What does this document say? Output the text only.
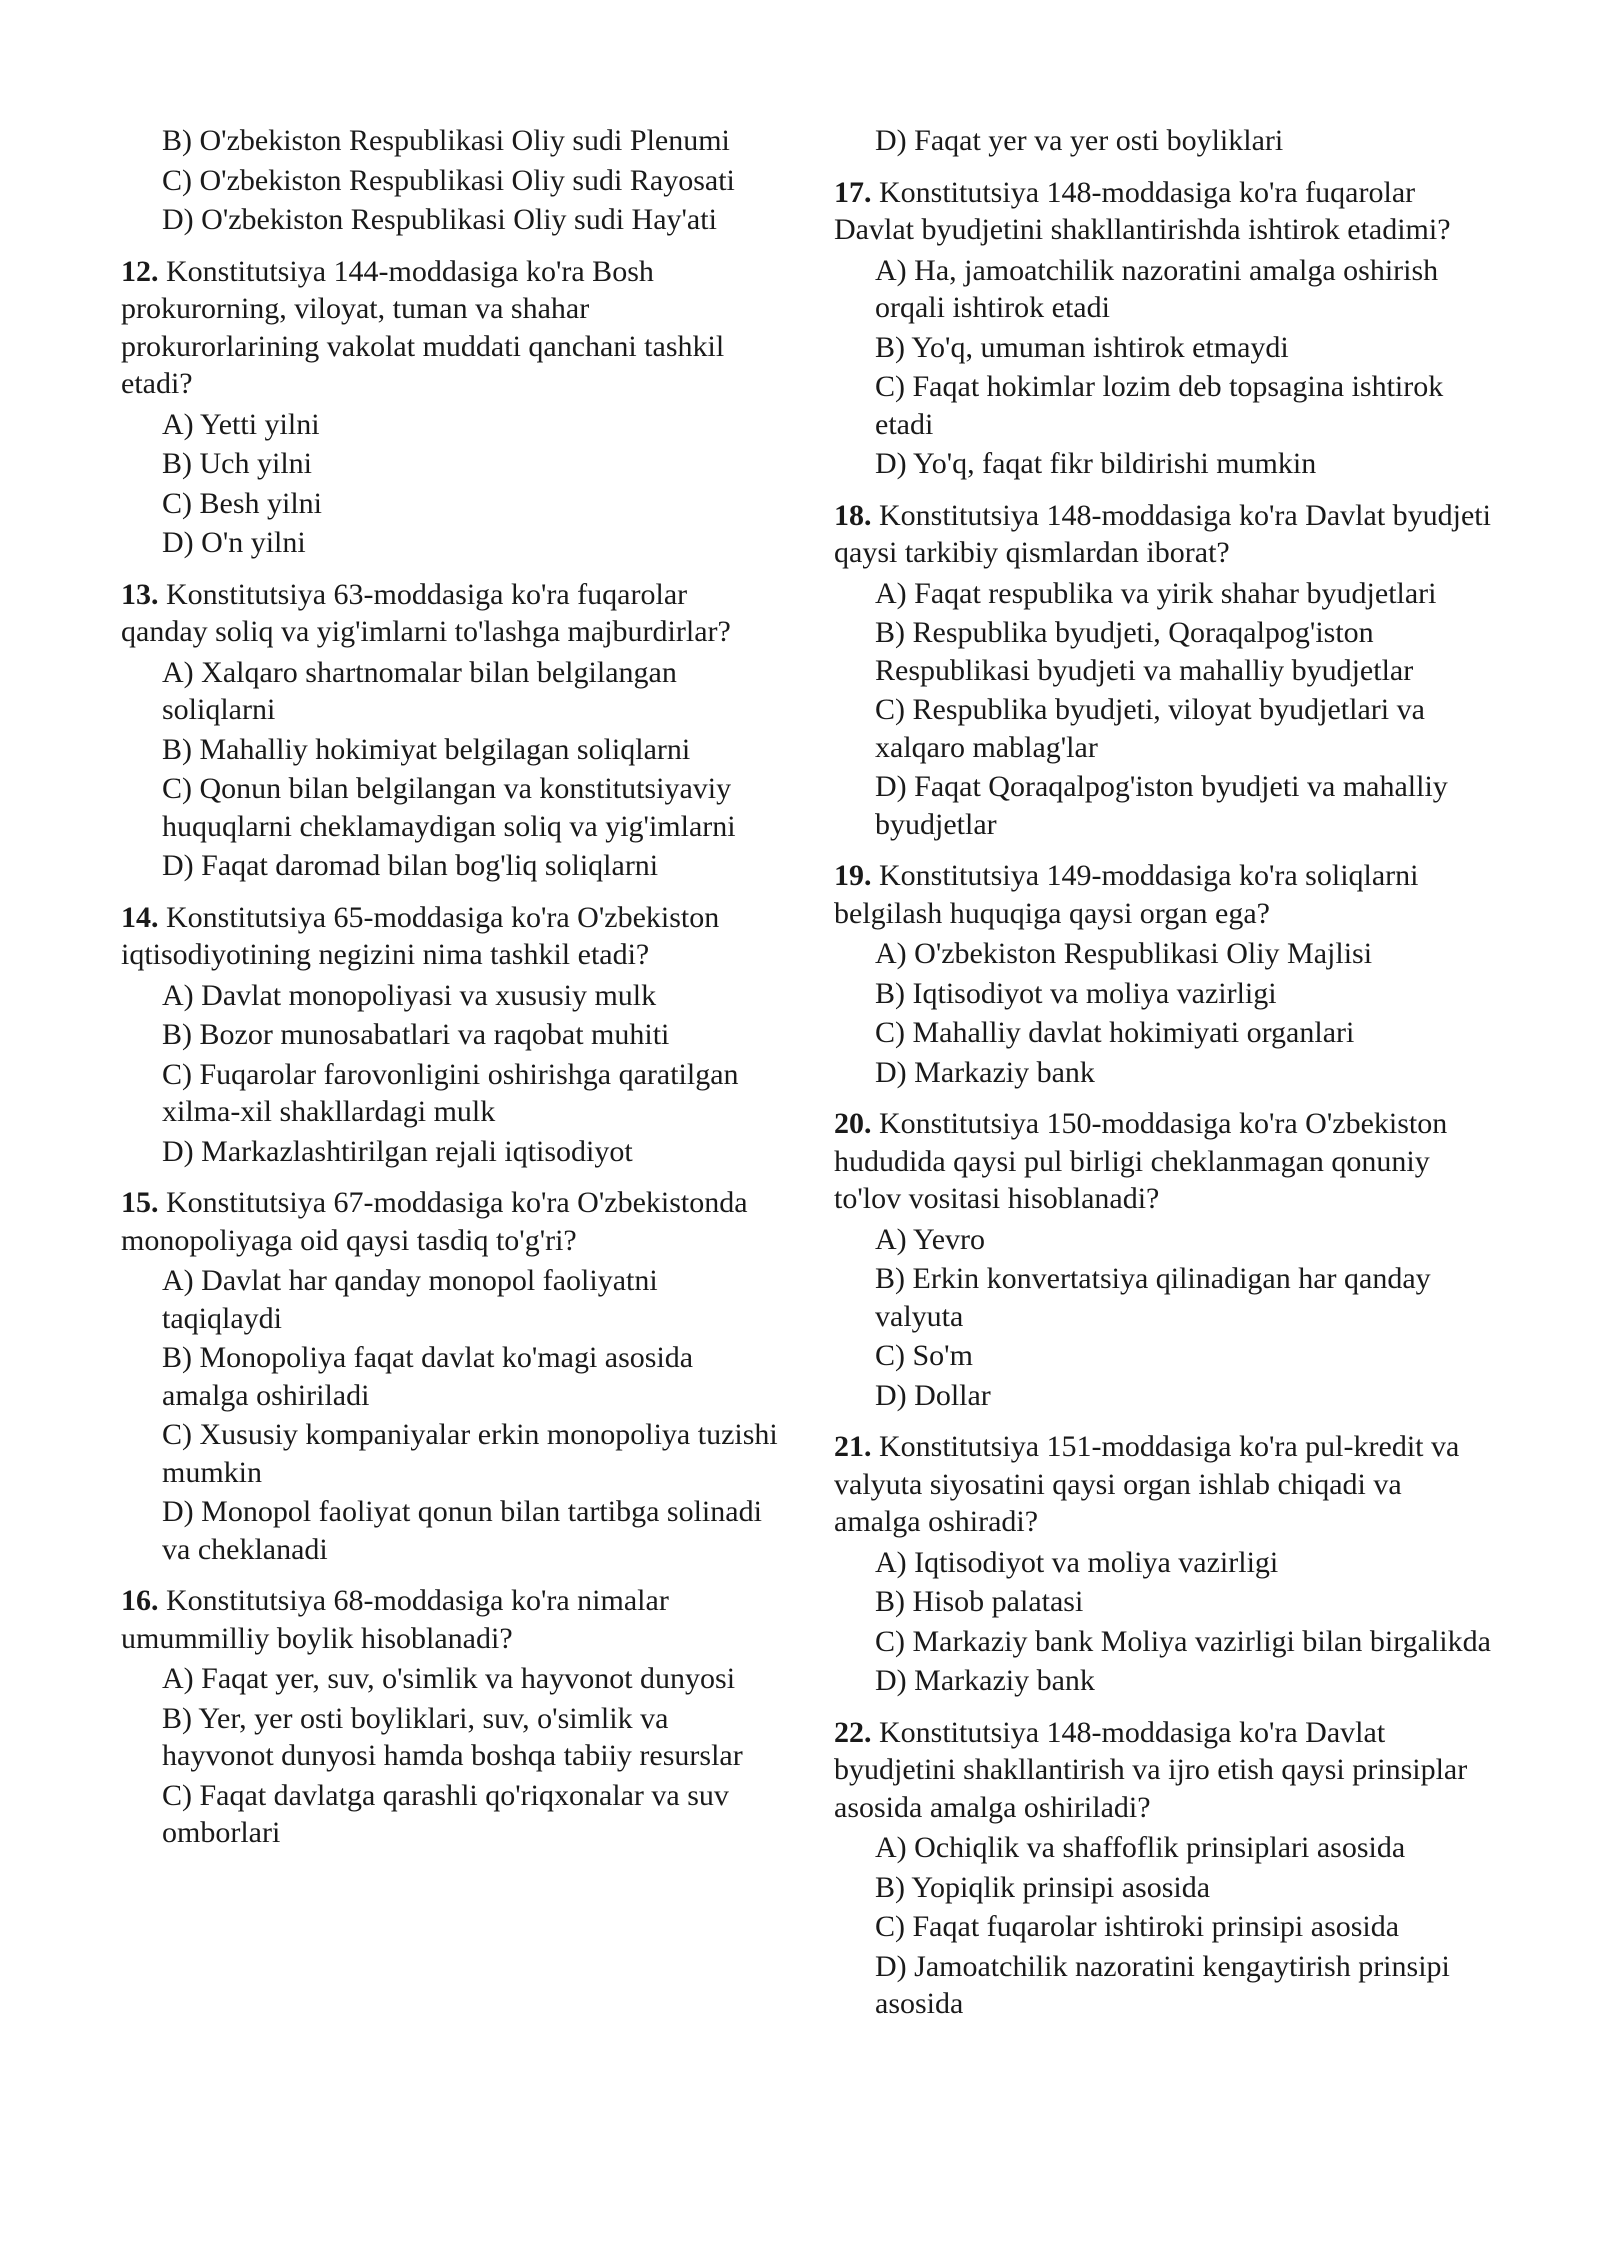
B) O'zbekiston Respublikasi Oliy sudi Plenumi
C) O'zbekiston Respublikasi Oliy sudi Rayosati
D) O'zbekiston Respublikasi Oliy sudi Hay'ati
12. Konstitutsiya 144-moddasiga ko'ra Bosh prokurorning, viloyat, tuman va shahar prokurorlarining vakolat muddati qanchani tashkil etadi?
A) Yetti yilni
B) Uch yilni
C) Besh yilni
D) O'n yilni
13. Konstitutsiya 63-moddasiga ko'ra fuqarolar qanday soliq va yig'imlarni to'lashga majburdirlar?
A) Xalqaro shartnomalar bilan belgilangan soliqlarni
B) Mahalliy hokimiyat belgilagan soliqlarni
C) Qonun bilan belgilangan va konstitutsiyaviy huquqlarni cheklamaydigan soliq va yig'imlarni
D) Faqat daromad bilan bog'liq soliqlarni
14. Konstitutsiya 65-moddasiga ko'ra O'zbekiston iqtisodiyotining negizini nima tashkil etadi?
A) Davlat monopoliyasi va xususiy mulk
B) Bozor munosabatlari va raqobat muhiti
C) Fuqarolar farovonligini oshirishga qaratilgan xilma-xil shakllardagi mulk
D) Markazlashtirilgan rejali iqtisodiyot
15. Konstitutsiya 67-moddasiga ko'ra O'zbekistonda monopoliyaga oid qaysi tasdiq to'g'ri?
A) Davlat har qanday monopol faoliyatni taqiqlaydi
B) Monopoliya faqat davlat ko'magi asosida amalga oshiriladi
C) Xususiy kompaniyalar erkin monopoliya tuzishi mumkin
D) Monopol faoliyat qonun bilan tartibga solinadi va cheklanadi
16. Konstitutsiya 68-moddasiga ko'ra nimalar umummilliy boylik hisoblanadi?
A) Faqat yer, suv, o'simlik va hayvonot dunyosi
B) Yer, yer osti boyliklari, suv, o'simlik va hayvonot dunyosi hamda boshqa tabiiy resurslar
C) Faqat davlatga qarashli qo'riqxonalar va suv omborlari
D) Faqat yer va yer osti boyliklari
17. Konstitutsiya 148-moddasiga ko'ra fuqarolar Davlat byudjetini shakllantirishda ishtirok etadimi?
A) Ha, jamoatchilik nazoratini amalga oshirish orqali ishtirok etadi
B) Yo'q, umuman ishtirok etmaydi
C) Faqat hokimlar lozim deb topsagina ishtirok etadi
D) Yo'q, faqat fikr bildirishi mumkin
18. Konstitutsiya 148-moddasiga ko'ra Davlat byudjeti qaysi tarkibiy qismlardan iborat?
A) Faqat respublika va yirik shahar byudjetlari
B) Respublika byudjeti, Qoraqalpog'iston Respublikasi byudjeti va mahalliy byudjetlar
C) Respublika byudjeti, viloyat byudjetlari va xalqaro mablag'lar
D) Faqat Qoraqalpog'iston byudjeti va mahalliy byudjetlar
19. Konstitutsiya 149-moddasiga ko'ra soliqlarni belgilash huquqiga qaysi organ ega?
A) O'zbekiston Respublikasi Oliy Majlisi
B) Iqtisodiyot va moliya vazirligi
C) Mahalliy davlat hokimiyati organlari
D) Markaziy bank
20. Konstitutsiya 150-moddasiga ko'ra O'zbekiston hududida qaysi pul birligi cheklanmagan qonuniy to'lov vositasi hisoblanadi?
A) Yevro
B) Erkin konvertatsiya qilinadigan har qanday valyuta
C) So'm
D) Dollar
21. Konstitutsiya 151-moddasiga ko'ra pul-kredit va valyuta siyosatini qaysi organ ishlab chiqadi va amalga oshiradi?
A) Iqtisodiyot va moliya vazirligi
B) Hisob palatasi
C) Markaziy bank Moliya vazirligi bilan birgalikda
D) Markaziy bank
22. Konstitutsiya 148-moddasiga ko'ra Davlat byudjetini shakllantirish va ijro etish qaysi prinsiplar asosida amalga oshiriladi?
A) Ochiqlik va shaffoflik prinsiplari asosida
B) Yopiqlik prinsipi asosida
C) Faqat fuqarolar ishtiroki prinsipi asosida
D) Jamoatchilik nazoratini kengaytirish prinsipi asosida
